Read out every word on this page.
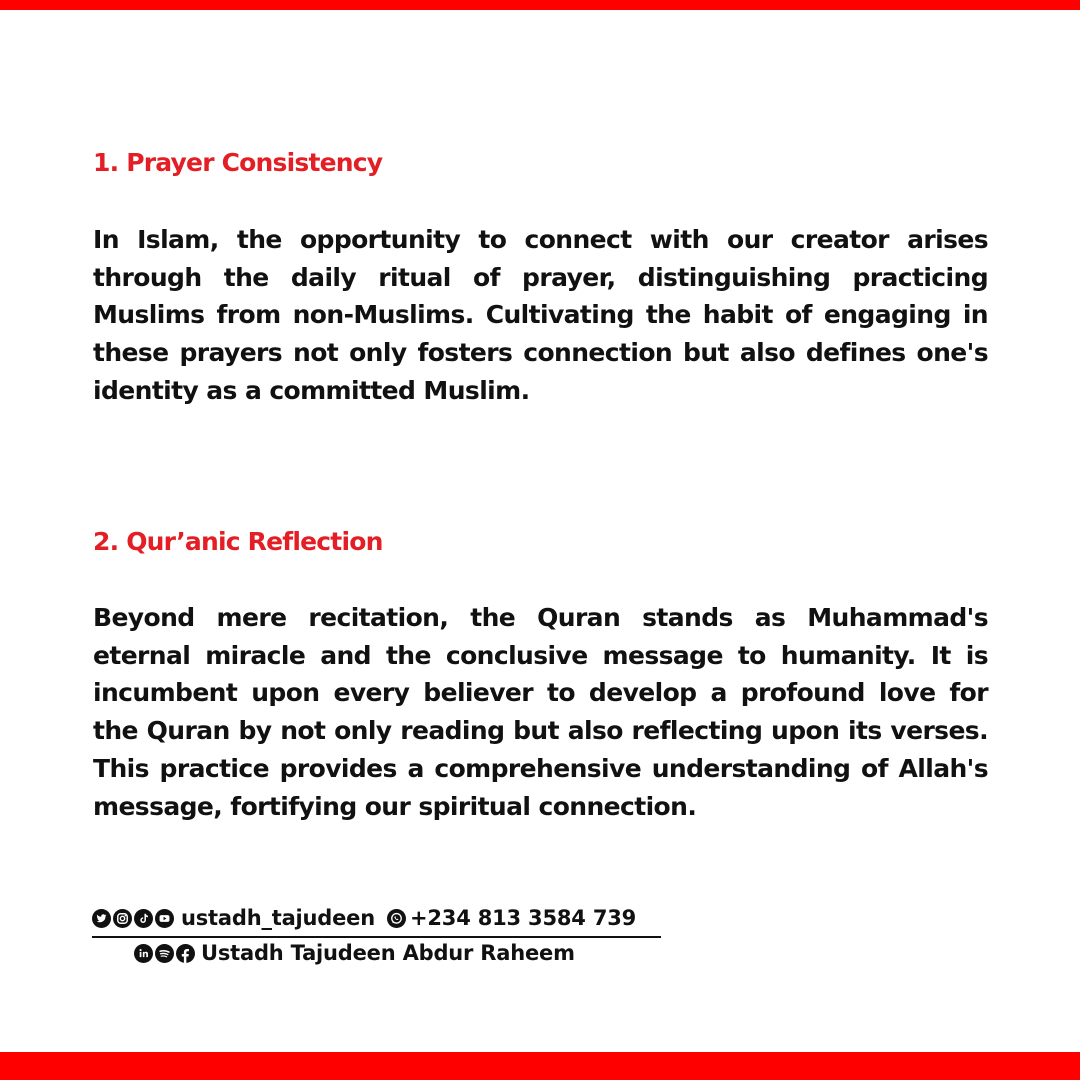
1. Prayer Consistency

In Islam, the opportunity to connect with our creator arises through the daily ritual of prayer, distinguishing practicing Muslims from non-Muslims. Cultivating the habit of engaging in these prayers not only fosters connection but also defines one's identity as a committed Muslim.

2. Qur’anic Reflection

Beyond mere recitation, the Quran stands as Muhammad's eternal miracle and the conclusive message to humanity. It is incumbent upon every believer to develop a profound love for the Quran by not only reading but also reflecting upon its verses. This practice provides a comprehensive understanding of Allah's message, fortifying our spiritual connection.

ustadh_tajudeen +234 813 3584 739
Ustadh Tajudeen Abdur Raheem
